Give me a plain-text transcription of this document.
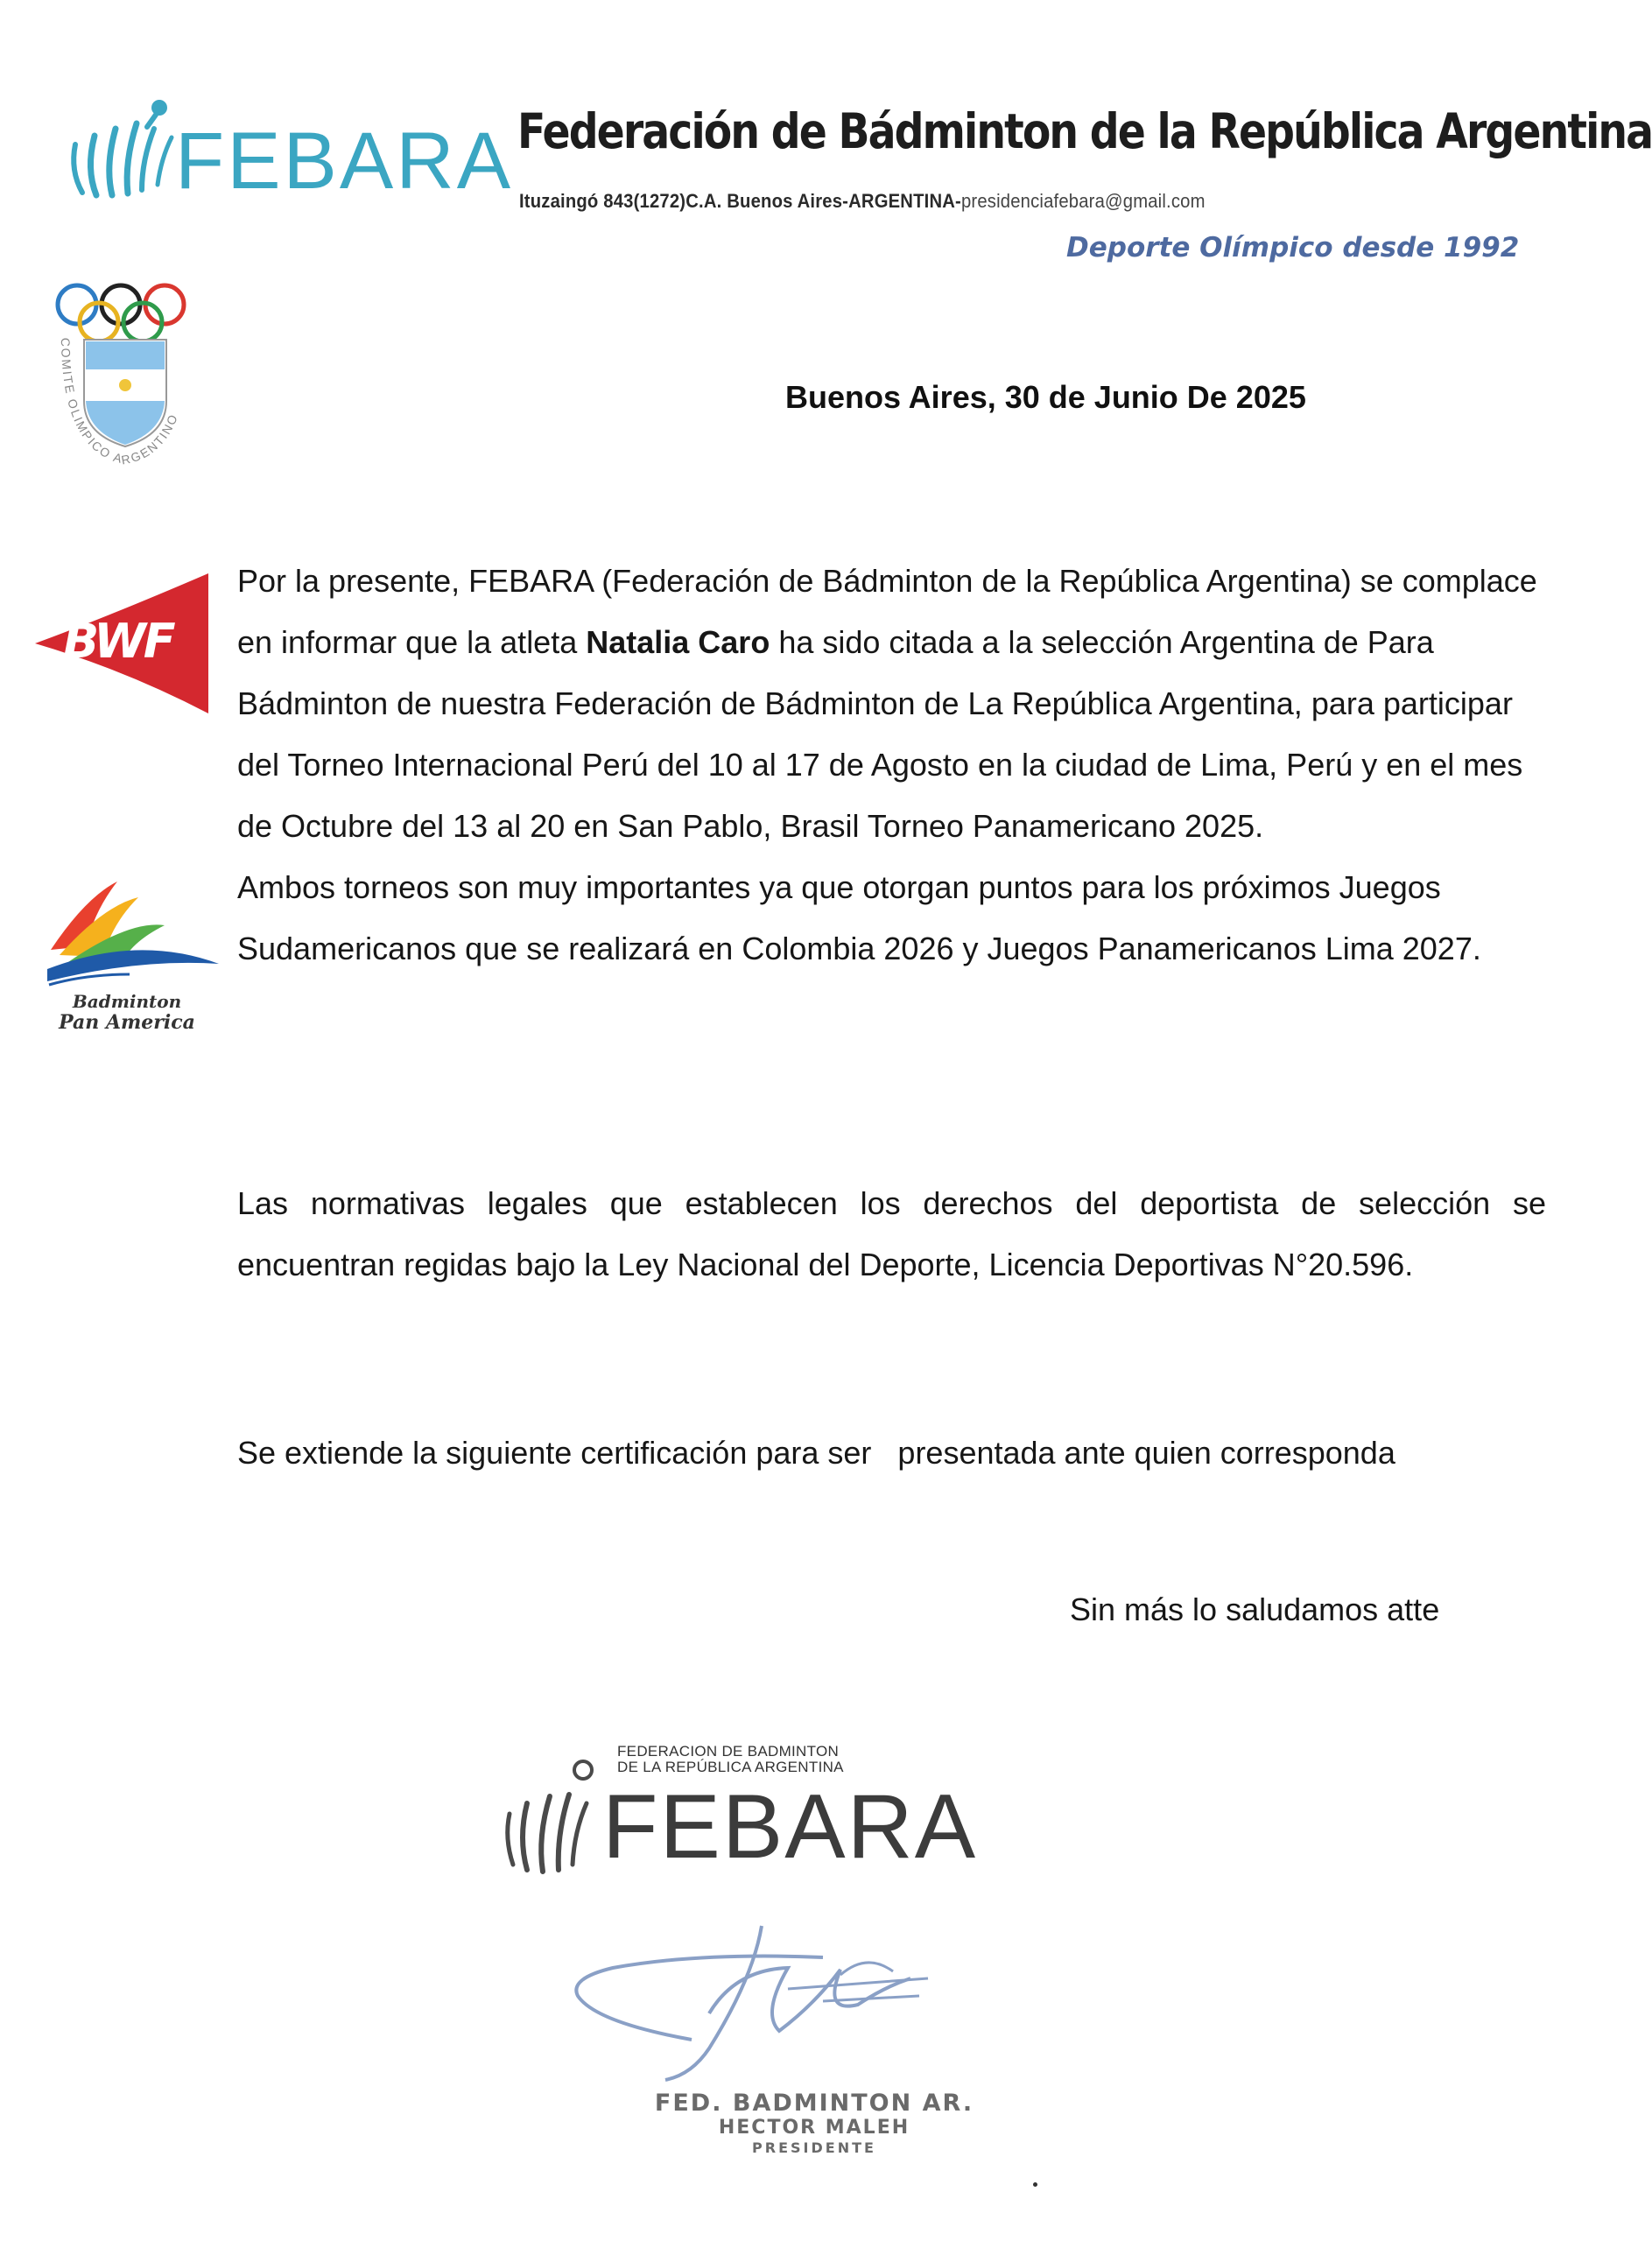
FEBARA Federación de Bádminton de la República Argentina
Ituzaingó 843(1272)C.A. Buenos Aires-ARGENTINA-presidenciafebara@gmail.com
Deporte Olímpico desde 1992
COMITE OLIMPICO ARGENTINO
Buenos Aires, 30 de Junio De 2025
BWF
Badminton
Pan America
Por la presente, FEBARA (Federación de Bádminton de la República Argentina) se complace en informar que la atleta Natalia Caro ha sido citada a la selección Argentina de Para Bádminton de nuestra Federación de Bádminton de La República Argentina, para participar del Torneo Internacional Perú del 10 al 17 de Agosto en la ciudad de Lima, Perú y en el mes de Octubre del 13 al 20 en San Pablo, Brasil Torneo Panamericano 2025.
Ambos torneos son muy importantes ya que otorgan puntos para los próximos Juegos Sudamericanos que se realizará en Colombia 2026 y Juegos Panamericanos Lima 2027.
Las normativas legales que establecen los derechos del deportista de selección se encuentran regidas bajo la Ley Nacional del Deporte, Licencia Deportivas N°20.596.
Se extiende la siguiente certificación para ser   presentada ante quien corresponda
Sin más lo saludamos atte
FEBARA
FEDERACION DE BADMINTON
DE LA REPÚBLICA ARGENTINA
FED. BADMINTON AR.
HECTOR MALEH
PRESIDENTE
